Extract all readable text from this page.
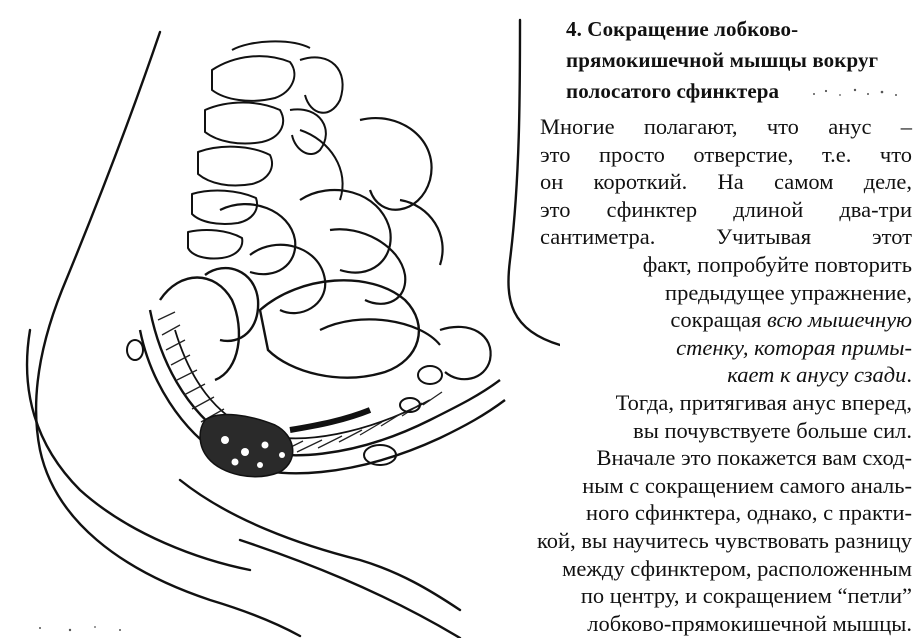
4. Сокращение лобково-
прямокишечной мышцы вокруг
полосатого сфинктера
Многие полагают, что анус –
это просто отверстие, т.е. что
он короткий. На самом деле,
это сфинктер длиной два-три
сантиметра. Учитывая этот
факт, попробуйте повторить
предыдущее упражнение,
сокращая всю мышечную
стенку, которая примы-
кает к анусу сзади.
Тогда, притягивая анус вперед,
вы почувствуете больше сил.
Вначале это покажется вам сход-
ным с сокращением самого аналь-
ного сфинктера, однако, с практи-
кой, вы научитесь чувствовать разницу
между сфинктером, расположенным
по центру, и сокращением “петли”
лобково-прямокишечной мышцы.
